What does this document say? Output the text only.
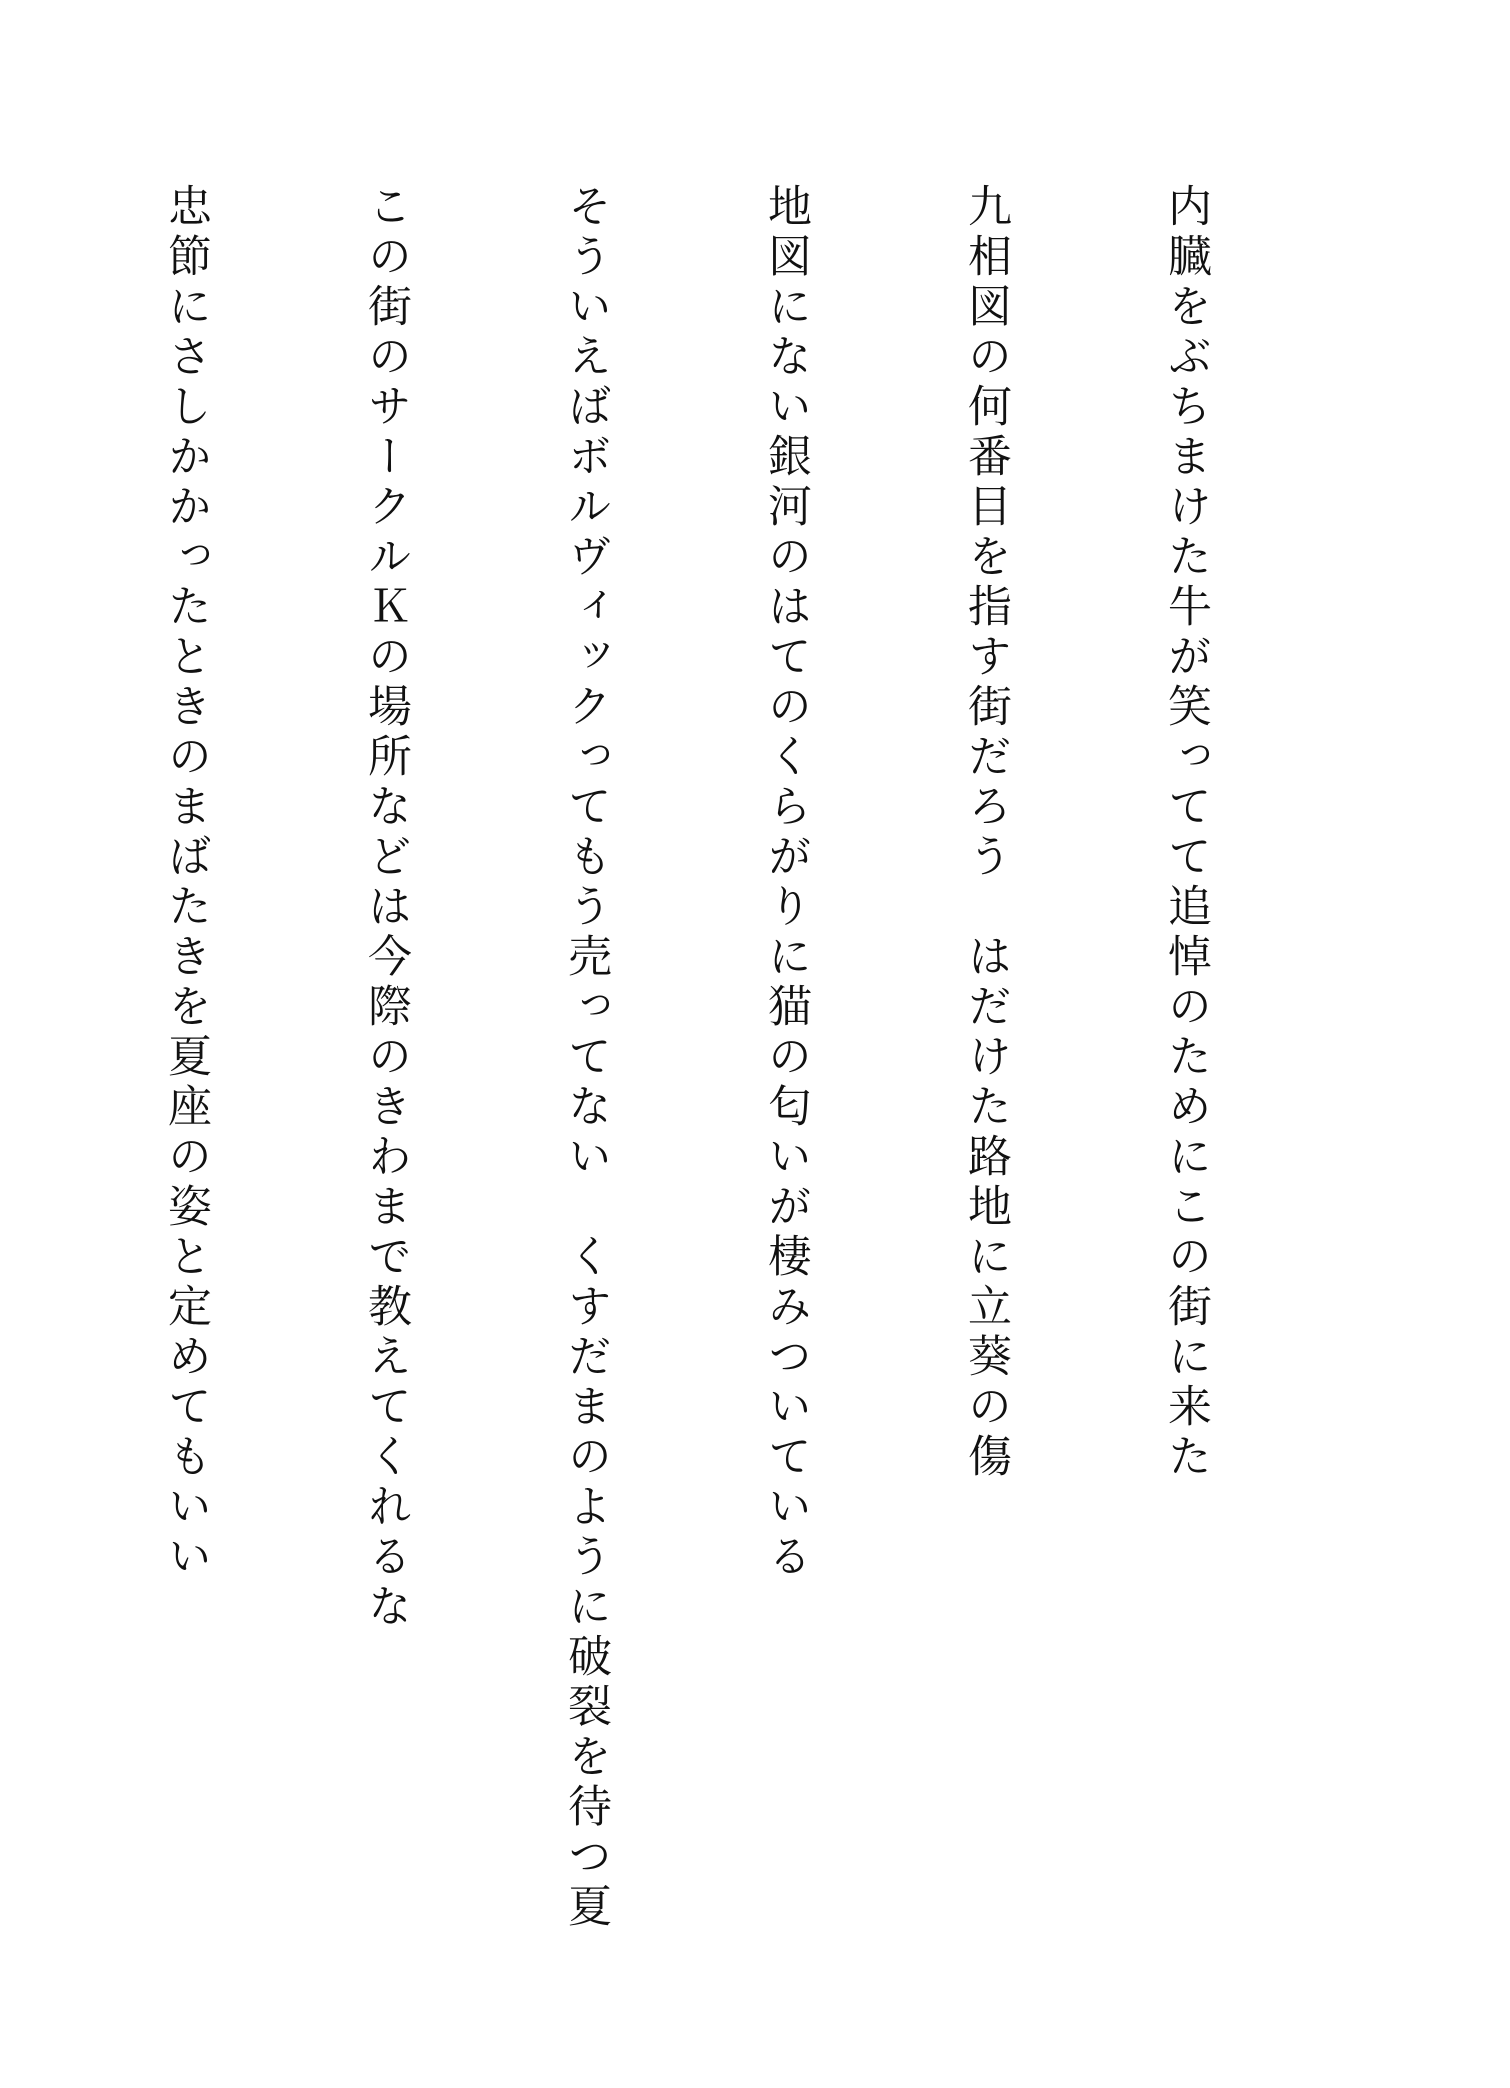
内臓をぶちまけた牛が笑ってて追悼のためにこの街に来た
九相図の何番目を指す街だろう　はだけた路地に立葵の傷
地図にない銀河のはてのくらがりに猫の匂いが棲みついている
そういえばボルヴィックってもう売ってない　くすだまのように破裂を待つ夏
この街のサークルＫの場所などは今際のきわまで教えてくれるな
忠節にさしかかったときのまばたきを夏座の姿と定めてもいい
